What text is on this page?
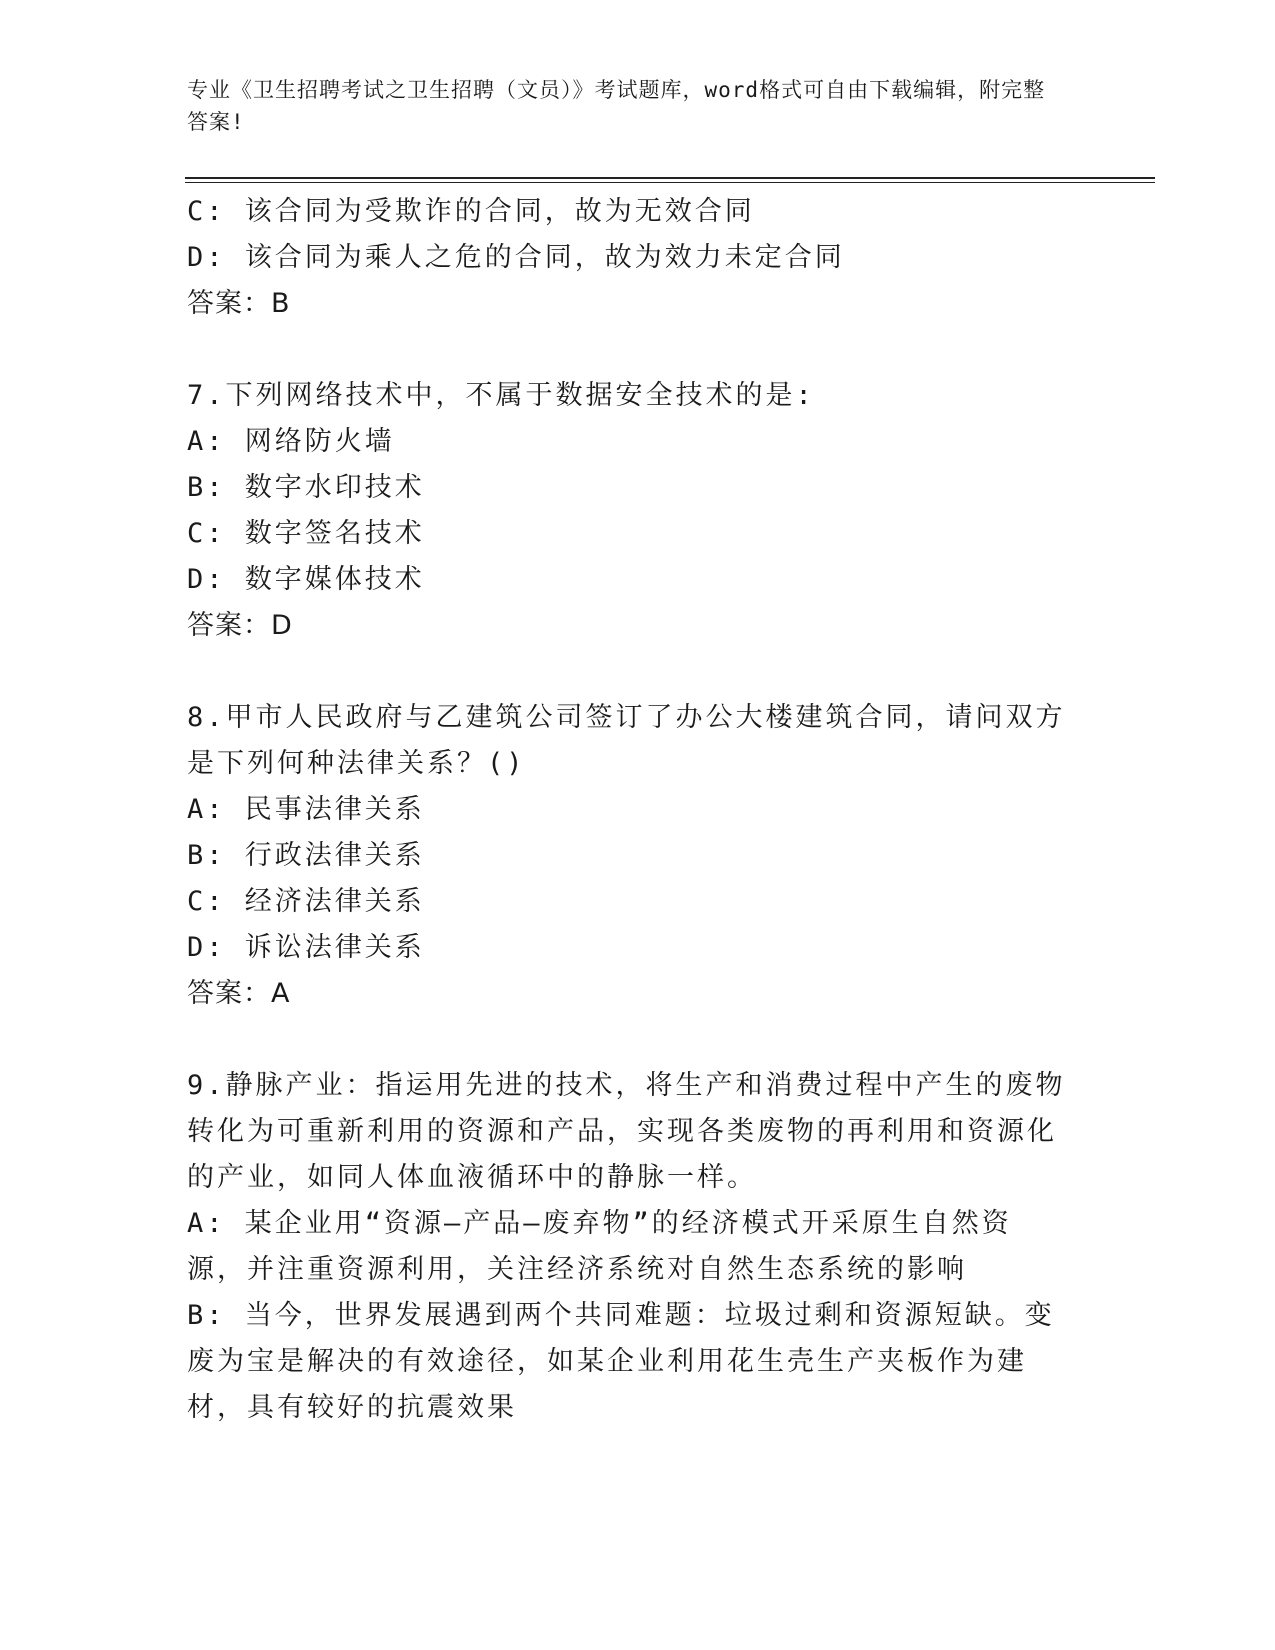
专业《卫生招聘考试之卫生招聘（文员）》考试题库，word格式可自由下载编辑，附完整答案!

C: 该合同为受欺诈的合同，故为无效合同

D: 该合同为乘人之危的合同，故为效力未定合同

答案：B

7.下列网络技术中，不属于数据安全技术的是:

A: 网络防火墙

B: 数字水印技术

C: 数字签名技术

D: 数字媒体技术

答案：D

8.甲市人民政府与乙建筑公司签订了办公大楼建筑合同，请问双方是下列何种法律关系？()

A: 民事法律关系

B: 行政法律关系

C: 经济法律关系

D: 诉讼法律关系

答案：A

9.静脉产业：指运用先进的技术，将生产和消费过程中产生的废物转化为可重新利用的资源和产品，实现各类废物的再利用和资源化的产业，如同人体血液循环中的静脉一样。

A: 某企业用“资源—产品—废弃物”的经济模式开采原生自然资源，并注重资源利用，关注经济系统对自然生态系统的影响

B: 当今，世界发展遇到两个共同难题：垃圾过剩和资源短缺。变废为宝是解决的有效途径，如某企业利用花生壳生产夹板作为建材，具有较好的抗震效果
